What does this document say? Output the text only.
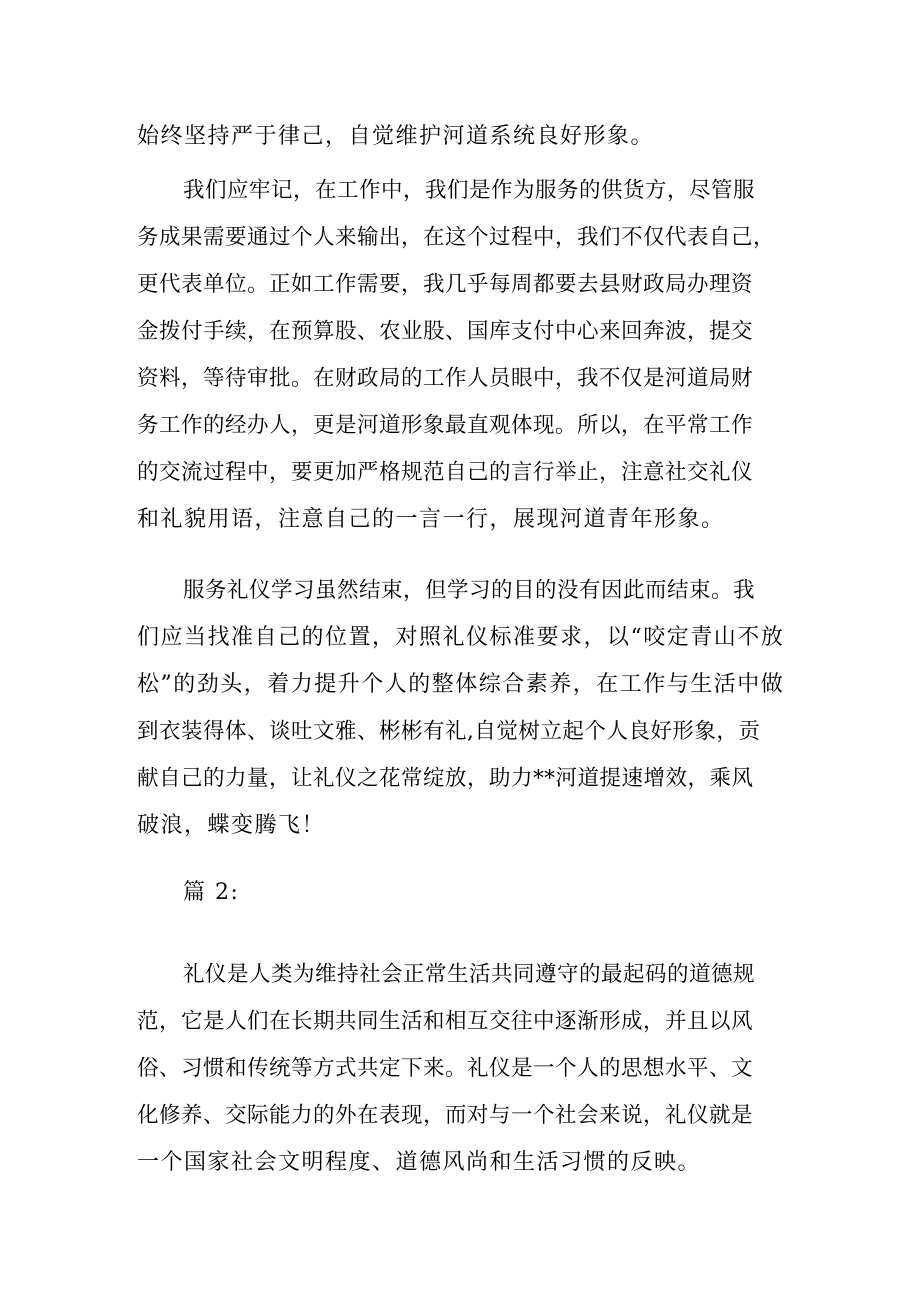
始终坚持严于律己，自觉维护河道系统良好形象。
我们应牢记，在工作中，我们是作为服务的供货方，尽管服
务成果需要通过个人来输出，在这个过程中，我们不仅代表自己，
更代表单位。正如工作需要，我几乎每周都要去县财政局办理资
金拨付手续，在预算股、农业股、国库支付中心来回奔波，提交
资料，等待审批。在财政局的工作人员眼中，我不仅是河道局财
务工作的经办人，更是河道形象最直观体现。所以，在平常工作
的交流过程中，要更加严格规范自己的言行举止，注意社交礼仪
和礼貌用语，注意自己的一言一行，展现河道青年形象。
服务礼仪学习虽然结束，但学习的目的没有因此而结束。我
们应当找准自己的位置，对照礼仪标准要求，以“咬定青山不放
松”的劲头，着力提升个人的整体综合素养，在工作与生活中做
到衣装得体、谈吐文雅、彬彬有礼,自觉树立起个人良好形象，贡
献自己的力量，让礼仪之花常绽放，助力**河道提速增效，乘风
破浪，蝶变腾飞！
篇 2:
礼仪是人类为维持社会正常生活共同遵守的最起码的道德规
范，它是人们在长期共同生活和相互交往中逐渐形成，并且以风
俗、习惯和传统等方式共定下来。礼仪是一个人的思想水平、文
化修养、交际能力的外在表现，而对与一个社会来说，礼仪就是
一个国家社会文明程度、道德风尚和生活习惯的反映。
